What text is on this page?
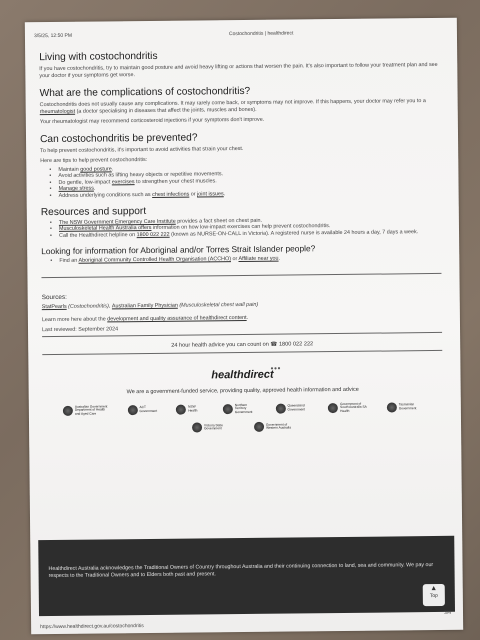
3/5/25, 12:50 PM	Costochondritis | healthdirect
Living with costochondritis

If you have costochondritis, try to maintain good posture and avoid heavy lifting or actions that worsen the pain. It's also important to follow your treatment plan and see your doctor if your symptoms get worse.

What are the complications of costochondritis?

Costochondritis does not usually cause any complications. It may rarely come back, or symptoms may not improve. If this happens, your doctor may refer you to a rheumatologist (a doctor specialising in diseases that affect the joints, muscles and bones).

Your rheumatologist may recommend corticosteroid injections if your symptoms don't improve.

Can costochondritis be prevented?

To help prevent costochondritis, it's important to avoid activities that strain your chest.

Here are tips to help prevent costochondritis:

• Maintain good posture.
• Avoid activities such as lifting heavy objects or repetitive movements.
• Do gentle, low-impact exercises to strengthen your chest muscles.
• Manage stress.
• Address underlying conditions such as chest infections or joint issues.
Resources and support
• The NSW Government Emergency Care Institute provides a fact sheet on chest pain.
• Musculoskeletal Health Australia offers information on how low-impact exercises can help prevent costochondritis.
• Call the Healthdirect helpline on 1800 022 222 (known as NURSE-ON-CALL in Victoria). A registered nurse is available 24 hours a day, 7 days a week.
Looking for information for Aboriginal and/or Torres Strait Islander people?
• Find an Aboriginal Community Controlled Health Organisation (ACCHO) or Affiliate near you.
Sources:

StatPearls (Costochondritis), Australian Family Physician (Musculoskeletal chest wall pain)

Learn more here about the development and quality assurance of healthdirect content.

Last reviewed: September 2024

24 hour health advice you can count on ☎ 1800 022 222
healthdirect
●●●
We are a government-funded service, providing quality, approved health information and advice
Australian Government Department of Health and Aged Care
ACT Government
NSW Health
Northern Territory Government
Queensland Government
Government of South Australia SA Health
Tasmanian Government
Victoria State Government
Government of Western Australia

Healthdirect Australia acknowledges the Traditional Owners of Country throughout Australia and their continuing connection to land, sea and community. We pay our respects to the Traditional Owners and to Elders both past and present.

▲
Top
3/4
https://www.healthdirect.gov.au/costochondritis
